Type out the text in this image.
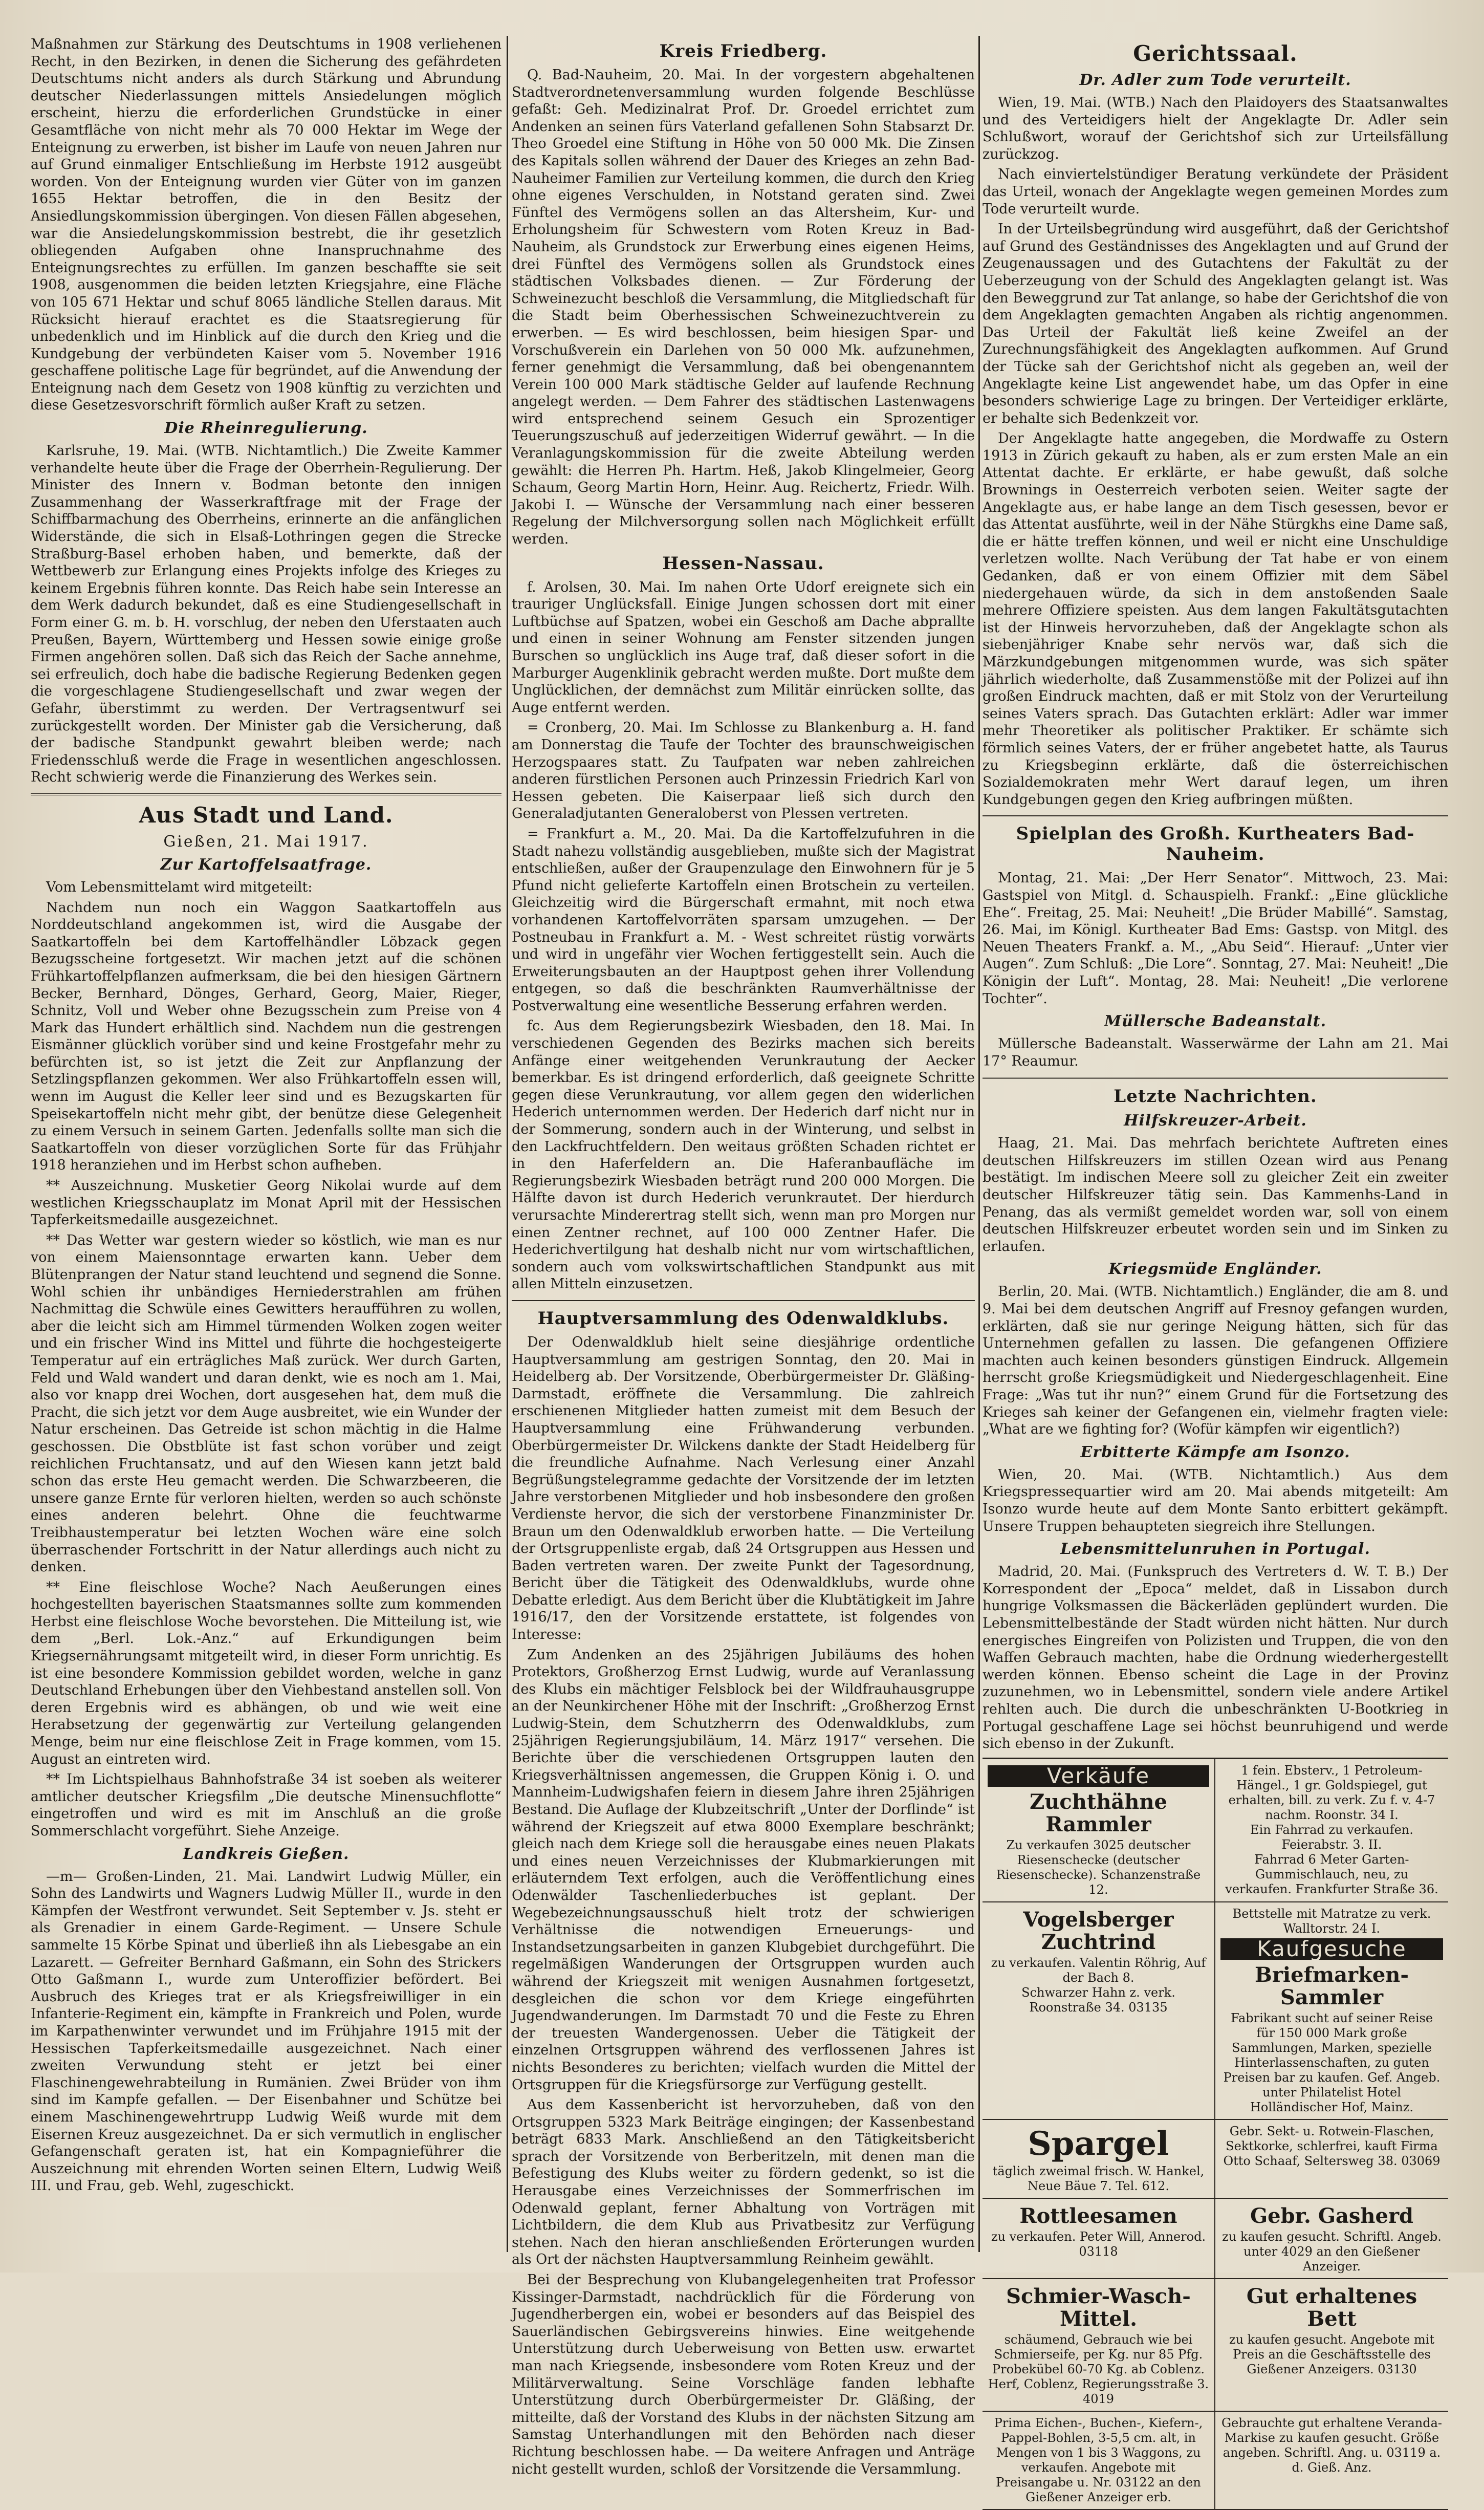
Maßnahmen zur Stärkung des Deutschtums in 1908 verliehenen Recht, in den Bezirken, in denen die Sicherung des gefährdeten Deutschtums nicht anders als durch Stärkung und Abrundung deutscher Niederlassungen mittels Ansiedelungen möglich erscheint, hierzu die erforderlichen Grundstücke in einer Gesamtfläche von nicht mehr als 70 000 Hektar im Wege der Enteignung zu erwerben, ist bisher im Laufe von neuen Jahren nur auf Grund einmaliger Entschließung im Herbste 1912 ausgeübt worden. Von der Enteignung wurden vier Güter von im ganzen 1655 Hektar betroffen, die in den Besitz der Ansiedlungskommission übergingen. Von diesen Fällen abgesehen, war die Ansiedelungskommission bestrebt, die ihr gesetzlich obliegenden Aufgaben ohne Inanspruchnahme des Enteignungsrechtes zu erfüllen. Im ganzen beschaffte sie seit 1908, ausgenommen die beiden letzten Kriegsjahre, eine Fläche von 105 671 Hektar und schuf 8065 ländliche Stellen daraus. Mit Rücksicht hierauf erachtet es die Staatsregierung für unbedenklich und im Hinblick auf die durch den Krieg und die Kundgebung der verbündeten Kaiser vom 5. November 1916 geschaffene politische Lage für begründet, auf die Anwendung der Enteignung nach dem Gesetz von 1908 künftig zu verzichten und diese Gesetzesvorschrift förmlich außer Kraft zu setzen.

Die Rheinregulierung.

Karlsruhe, 19. Mai. (WTB. Nichtamtlich.) Die Zweite Kammer verhandelte heute über die Frage der Oberrhein-Regulierung. Der Minister des Innern v. Bodman betonte den innigen Zusammenhang der Wasserkraftfrage mit der Frage der Schiffbarmachung des Oberrheins, erinnerte an die anfänglichen Widerstände, die sich in Elsaß-Lothringen gegen die Strecke Straßburg-Basel erhoben haben, und bemerkte, daß der Wettbewerb zur Erlangung eines Projekts infolge des Krieges zu keinem Ergebnis führen konnte. Das Reich habe sein Interesse an dem Werk dadurch bekundet, daß es eine Studiengesellschaft in Form einer G. m. b. H. vorschlug, der neben den Uferstaaten auch Preußen, Bayern, Württemberg und Hessen sowie einige große Firmen angehören sollen. Daß sich das Reich der Sache annehme, sei erfreulich, doch habe die badische Regierung Bedenken gegen die vorgeschlagene Studiengesellschaft und zwar wegen der Gefahr, überstimmt zu werden. Der Vertragsentwurf sei zurückgestellt worden. Der Minister gab die Versicherung, daß der badische Standpunkt gewahrt bleiben werde; nach Friedensschluß werde die Frage in wesentlichen angeschlossen. Recht schwierig werde die Finanzierung des Werkes sein.

Aus Stadt und Land.
Gießen, 21. Mai 1917.
Zur Kartoffelsaatfrage.

Vom Lebensmittelamt wird mitgeteilt:

Nachdem nun noch ein Waggon Saatkartoffeln aus Norddeutschland angekommen ist, wird die Ausgabe der Saatkartoffeln bei dem Kartoffelhändler Löbzack gegen Bezugsscheine fortgesetzt. Wir machen jetzt auf die schönen Frühkartoffelpflanzen aufmerksam, die bei den hiesigen Gärtnern Becker, Bernhard, Dönges, Gerhard, Georg, Maier, Rieger, Schnitz, Voll und Weber ohne Bezugsschein zum Preise von 4 Mark das Hundert erhältlich sind. Nachdem nun die gestrengen Eismänner glücklich vorüber sind und keine Frostgefahr mehr zu befürchten ist, so ist jetzt die Zeit zur Anpflanzung der Setzlingspflanzen gekommen. Wer also Frühkartoffeln essen will, wenn im August die Keller leer sind und es Bezugskarten für Speisekartoffeln nicht mehr gibt, der benütze diese Gelegenheit zu einem Versuch in seinem Garten. Jedenfalls sollte man sich die Saatkartoffeln von dieser vorzüglichen Sorte für das Frühjahr 1918 heranziehen und im Herbst schon aufheben.

** Auszeichnung. Musketier Georg Nikolai wurde auf dem westlichen Kriegsschauplatz im Monat April mit der Hessischen Tapferkeitsmedaille ausgezeichnet.

** Das Wetter war gestern wieder so köstlich, wie man es nur von einem Maiensonntage erwarten kann. Ueber dem Blütenprangen der Natur stand leuchtend und segnend die Sonne. Wohl schien ihr unbändiges Herniederstrahlen am frühen Nachmittag die Schwüle eines Gewitters heraufführen zu wollen, aber die leicht sich am Himmel türmenden Wolken zogen weiter und ein frischer Wind ins Mittel und führte die hochgesteigerte Temperatur auf ein erträgliches Maß zurück. Wer durch Garten, Feld und Wald wandert und daran denkt, wie es noch am 1. Mai, also vor knapp drei Wochen, dort ausgesehen hat, dem muß die Pracht, die sich jetzt vor dem Auge ausbreitet, wie ein Wunder der Natur erscheinen. Das Getreide ist schon mächtig in die Halme geschossen. Die Obstblüte ist fast schon vorüber und zeigt reichlichen Fruchtansatz, und auf den Wiesen kann jetzt bald schon das erste Heu gemacht werden. Die Schwarzbeeren, die unsere ganze Ernte für verloren hielten, werden so auch schönste eines anderen belehrt. Ohne die feuchtwarme Treibhaustemperatur bei letzten Wochen wäre eine solch überraschender Fortschritt in der Natur allerdings auch nicht zu denken.

** Eine fleischlose Woche? Nach Aeußerungen eines hochgestellten bayerischen Staatsmannes sollte zum kommenden Herbst eine fleischlose Woche bevorstehen. Die Mitteilung ist, wie dem „Berl. Lok.-Anz.“ auf Erkundigungen beim Kriegsernährungsamt mitgeteilt wird, in dieser Form unrichtig. Es ist eine besondere Kommission gebildet worden, welche in ganz Deutschland Erhebungen über den Viehbestand anstellen soll. Von deren Ergebnis wird es abhängen, ob und wie weit eine Herabsetzung der gegenwärtig zur Verteilung gelangenden Menge, beim nur eine fleischlose Zeit in Frage kommen, vom 15. August an eintreten wird.

** Im Lichtspielhaus Bahnhofstraße 34 ist soeben als weiterer amtlicher deutscher Kriegsfilm „Die deutsche Minensuchflotte“ eingetroffen und wird es mit im Anschluß an die große Sommerschlacht vorgeführt. Siehe Anzeige.

Landkreis Gießen.

—m— Großen-Linden, 21. Mai. Landwirt Ludwig Müller, ein Sohn des Landwirts und Wagners Ludwig Müller II., wurde in den Kämpfen der Westfront verwundet. Seit September v. Js. steht er als Grenadier in einem Garde-Regiment. — Unsere Schule sammelte 15 Körbe Spinat und überließ ihn als Liebesgabe an ein Lazarett. — Gefreiter Bernhard Gaßmann, ein Sohn des Strickers Otto Gaßmann I., wurde zum Unteroffizier befördert. Bei Ausbruch des Krieges trat er als Kriegsfreiwilliger in ein Infanterie-Regiment ein, kämpfte in Frankreich und Polen, wurde im Karpathenwinter verwundet und im Frühjahre 1915 mit der Hessischen Tapferkeitsmedaille ausgezeichnet. Nach einer zweiten Verwundung steht er jetzt bei einer Flaschinengewehrabteilung in Rumänien. Zwei Brüder von ihm sind im Kampfe gefallen. — Der Eisenbahner und Schütze bei einem Maschinengewehrtrupp Ludwig Weiß wurde mit dem Eisernen Kreuz ausgezeichnet. Da er sich vermutlich in englischer Gefangenschaft geraten ist, hat ein Kompagnieführer die Auszeichnung mit ehrenden Worten seinen Eltern, Ludwig Weiß III. und Frau, geb. Wehl, zugeschickt.

Kreis Friedberg.

Q. Bad-Nauheim, 20. Mai. In der vorgestern abgehaltenen Stadtverordnetenversammlung wurden folgende Beschlüsse gefaßt: Geh. Medizinalrat Prof. Dr. Groedel errichtet zum Andenken an seinen fürs Vaterland gefallenen Sohn Stabsarzt Dr. Theo Groedel eine Stiftung in Höhe von 50 000 Mk. Die Zinsen des Kapitals sollen während der Dauer des Krieges an zehn Bad-Nauheimer Familien zur Verteilung kommen, die durch den Krieg ohne eigenes Verschulden, in Notstand geraten sind. Zwei Fünftel des Vermögens sollen an das Altersheim, Kur- und Erholungsheim für Schwestern vom Roten Kreuz in Bad-Nauheim, als Grundstock zur Erwerbung eines eigenen Heims, drei Fünftel des Vermögens sollen als Grundstock eines städtischen Volksbades dienen. — Zur Förderung der Schweinezucht beschloß die Versammlung, die Mitgliedschaft für die Stadt beim Oberhessischen Schweinezuchtverein zu erwerben. — Es wird beschlossen, beim hiesigen Spar- und Vorschußverein ein Darlehen von 50 000 Mk. aufzunehmen, ferner genehmigt die Versammlung, daß bei obengenanntem Verein 100 000 Mark städtische Gelder auf laufende Rechnung angelegt werden. — Dem Fahrer des städtischen Lastenwagens wird entsprechend seinem Gesuch ein Sprozentiger Teuerungszuschuß auf jederzeitigen Widerruf gewährt. — In die Veranlagungskommission für die zweite Abteilung werden gewählt: die Herren Ph. Hartm. Heß, Jakob Klingelmeier, Georg Schaum, Georg Martin Horn, Heinr. Aug. Reichertz, Friedr. Wilh. Jakobi I. — Wünsche der Versammlung nach einer besseren Regelung der Milchversorgung sollen nach Möglichkeit erfüllt werden.

Hessen-Nassau.

f. Arolsen, 30. Mai. Im nahen Orte Udorf ereignete sich ein trauriger Unglücksfall. Einige Jungen schossen dort mit einer Luftbüchse auf Spatzen, wobei ein Geschoß am Dache abprallte und einen in seiner Wohnung am Fenster sitzenden jungen Burschen so unglücklich ins Auge traf, daß dieser sofort in die Marburger Augenklinik gebracht werden mußte. Dort mußte dem Unglücklichen, der demnächst zum Militär einrücken sollte, das Auge entfernt werden.

= Cronberg, 20. Mai. Im Schlosse zu Blankenburg a. H. fand am Donnerstag die Taufe der Tochter des braunschweigischen Herzogspaares statt. Zu Taufpaten war neben zahlreichen anderen fürstlichen Personen auch Prinzessin Friedrich Karl von Hessen gebeten. Die Kaiserpaar ließ sich durch den Generaladjutanten Generaloberst von Plessen vertreten.

= Frankfurt a. M., 20. Mai. Da die Kartoffelzufuhren in die Stadt nahezu vollständig ausgeblieben, mußte sich der Magistrat entschließen, außer der Graupenzulage den Einwohnern für je 5 Pfund nicht gelieferte Kartoffeln einen Brotschein zu verteilen. Gleichzeitig wird die Bürgerschaft ermahnt, mit noch etwa vorhandenen Kartoffelvorräten sparsam umzugehen. — Der Postneubau in Frankfurt a. M. - West schreitet rüstig vorwärts und wird in ungefähr vier Wochen fertiggestellt sein. Auch die Erweiterungsbauten an der Hauptpost gehen ihrer Vollendung entgegen, so daß die beschränkten Raumverhältnisse der Postverwaltung eine wesentliche Besserung erfahren werden.

fc. Aus dem Regierungsbezirk Wiesbaden, den 18. Mai. In verschiedenen Gegenden des Bezirks machen sich bereits Anfänge einer weitgehenden Verunkrautung der Aecker bemerkbar. Es ist dringend erforderlich, daß geeignete Schritte gegen diese Verunkrautung, vor allem gegen den widerlichen Hederich unternommen werden. Der Hederich darf nicht nur in der Sommerung, sondern auch in der Winterung, und selbst in den Lackfruchtfeldern. Den weitaus größten Schaden richtet er in den Haferfeldern an. Die Haferanbaufläche im Regierungsbezirk Wiesbaden beträgt rund 200 000 Morgen. Die Hälfte davon ist durch Hederich verunkrautet. Der hierdurch verursachte Minderertrag stellt sich, wenn man pro Morgen nur einen Zentner rechnet, auf 100 000 Zentner Hafer. Die Hederichvertilgung hat deshalb nicht nur vom wirtschaftlichen, sondern auch vom volkswirtschaftlichen Standpunkt aus mit allen Mitteln einzusetzen.

Hauptversammlung des Odenwaldklubs.

Der Odenwaldklub hielt seine diesjährige ordentliche Hauptversammlung am gestrigen Sonntag, den 20. Mai in Heidelberg ab. Der Vorsitzende, Oberbürgermeister Dr. Gläßing-Darmstadt, eröffnete die Versammlung. Die zahlreich erschienenen Mitglieder hatten zumeist mit dem Besuch der Hauptversammlung eine Frühwanderung verbunden. Oberbürgermeister Dr. Wilckens dankte der Stadt Heidelberg für die freundliche Aufnahme. Nach Verlesung einer Anzahl Begrüßungstelegramme gedachte der Vorsitzende der im letzten Jahre verstorbenen Mitglieder und hob insbesondere den großen Verdienste hervor, die sich der verstorbene Finanzminister Dr. Braun um den Odenwaldklub erworben hatte. — Die Verteilung der Ortsgruppenliste ergab, daß 24 Ortsgruppen aus Hessen und Baden vertreten waren. Der zweite Punkt der Tagesordnung, Bericht über die Tätigkeit des Odenwaldklubs, wurde ohne Debatte erledigt. Aus dem Bericht über die Klubtätigkeit im Jahre 1916/17, den der Vorsitzende erstattete, ist folgendes von Interesse:

Zum Andenken an des 25jährigen Jubiläums des hohen Protektors, Großherzog Ernst Ludwig, wurde auf Veranlassung des Klubs ein mächtiger Felsblock bei der Wildfrauhausgruppe an der Neunkirchener Höhe mit der Inschrift: „Großherzog Ernst Ludwig-Stein, dem Schutzherrn des Odenwaldklubs, zum 25jährigen Regierungsjubiläum, 14. März 1917“ versehen. Die Berichte über die verschiedenen Ortsgruppen lauten den Kriegsverhältnissen angemessen, die Gruppen König i. O. und Mannheim-Ludwigshafen feiern in diesem Jahre ihren 25jährigen Bestand. Die Auflage der Klubzeitschrift „Unter der Dorflinde“ ist während der Kriegszeit auf etwa 8000 Exemplare beschränkt; gleich nach dem Kriege soll die herausgabe eines neuen Plakats und eines neuen Verzeichnisses der Klubmarkierungen mit erläuterndem Text erfolgen, auch die Veröffentlichung eines Odenwälder Taschenliederbuches ist geplant. Der Wegebezeichnungsausschuß hielt trotz der schwierigen Verhältnisse die notwendigen Erneuerungs- und Instandsetzungsarbeiten in ganzen Klubgebiet durchgeführt. Die regelmäßigen Wanderungen der Ortsgruppen wurden auch während der Kriegszeit mit wenigen Ausnahmen fortgesetzt, desgleichen die schon vor dem Kriege eingeführten Jugendwanderungen. Im Darmstadt 70 und die Feste zu Ehren der treuesten Wandergenossen. Ueber die Tätigkeit der einzelnen Ortsgruppen während des verflossenen Jahres ist nichts Besonderes zu berichten; vielfach wurden die Mittel der Ortsgruppen für die Kriegsfürsorge zur Verfügung gestellt.

Aus dem Kassenbericht ist hervorzuheben, daß von den Ortsgruppen 5323 Mark Beiträge eingingen; der Kassenbestand beträgt 6833 Mark. Anschließend an den Tätigkeitsbericht sprach der Vorsitzende von Berberitzeln, mit denen man die Befestigung des Klubs weiter zu fördern gedenkt, so ist die Herausgabe eines Verzeichnisses der Sommerfrischen im Odenwald geplant, ferner Abhaltung von Vorträgen mit Lichtbildern, die dem Klub aus Privatbesitz zur Verfügung stehen. Nach den hieran anschließenden Erörterungen wurden als Ort der nächsten Hauptversammlung Reinheim gewählt.

Bei der Besprechung von Klubangelegenheiten trat Professor Kissinger-Darmstadt, nachdrücklich für die Förderung von Jugendherbergen ein, wobei er besonders auf das Beispiel des Sauerländischen Gebirgsvereins hinwies. Eine weitgehende Unterstützung durch Ueberweisung von Betten usw. erwartet man nach Kriegsende, insbesondere vom Roten Kreuz und der Militärverwaltung. Seine Vorschläge fanden lebhafte Unterstützung durch Oberbürgermeister Dr. Gläßing, der mitteilte, daß der Vorstand des Klubs in der nächsten Sitzung am Samstag Unterhandlungen mit den Behörden nach dieser Richtung beschlossen habe. — Da weitere Anfragen und Anträge nicht gestellt wurden, schloß der Vorsitzende die Versammlung.

Gerichtssaal.
Dr. Adler zum Tode verurteilt.

Wien, 19. Mai. (WTB.) Nach den Plaidoyers des Staatsanwaltes und des Verteidigers hielt der Angeklagte Dr. Adler sein Schlußwort, worauf der Gerichtshof sich zur Urteilsfällung zurückzog.

Nach einviertelstündiger Beratung verkündete der Präsident das Urteil, wonach der Angeklagte wegen gemeinen Mordes zum Tode verurteilt wurde.

In der Urteilsbegründung wird ausgeführt, daß der Gerichtshof auf Grund des Geständnisses des Angeklagten und auf Grund der Zeugenaussagen und des Gutachtens der Fakultät zu der Ueberzeugung von der Schuld des Angeklagten gelangt ist. Was den Beweggrund zur Tat anlange, so habe der Gerichtshof die von dem Angeklagten gemachten Angaben als richtig angenommen. Das Urteil der Fakultät ließ keine Zweifel an der Zurechnungsfähigkeit des Angeklagten aufkommen. Auf Grund der Tücke sah der Gerichtshof nicht als gegeben an, weil der Angeklagte keine List angewendet habe, um das Opfer in eine besonders schwierige Lage zu bringen. Der Verteidiger erklärte, er behalte sich Bedenkzeit vor.

Der Angeklagte hatte angegeben, die Mordwaffe zu Ostern 1913 in Zürich gekauft zu haben, als er zum ersten Male an ein Attentat dachte. Er erklärte, er habe gewußt, daß solche Brownings in Oesterreich verboten seien. Weiter sagte der Angeklagte aus, er habe lange an dem Tisch gesessen, bevor er das Attentat ausführte, weil in der Nähe Stürgkhs eine Dame saß, die er hätte treffen können, und weil er nicht eine Unschuldige verletzen wollte. Nach Verübung der Tat habe er von einem Gedanken, daß er von einem Offizier mit dem Säbel niedergehauen würde, da sich in dem anstoßenden Saale mehrere Offiziere speisten. Aus dem langen Fakultätsgutachten ist der Hinweis hervorzuheben, daß der Angeklagte schon als siebenjähriger Knabe sehr nervös war, daß sich die Märzkundgebungen mitgenommen wurde, was sich später jährlich wiederholte, daß Zusammenstöße mit der Polizei auf ihn großen Eindruck machten, daß er mit Stolz von der Verurteilung seines Vaters sprach. Das Gutachten erklärt: Adler war immer mehr Theoretiker als politischer Praktiker. Er schämte sich förmlich seines Vaters, der er früher angebetet hatte, als Taurus zu Kriegsbeginn erklärte, daß die österreichischen Sozialdemokraten mehr Wert darauf legen, um ihren Kundgebungen gegen den Krieg aufbringen müßten.

Spielplan des Großh. Kurtheaters Bad-Nauheim.

Montag, 21. Mai: „Der Herr Senator“. Mittwoch, 23. Mai: Gastspiel von Mitgl. d. Schauspielh. Frankf.: „Eine glückliche Ehe“. Freitag, 25. Mai: Neuheit! „Die Brüder Mabillé“. Samstag, 26. Mai, im Königl. Kurtheater Bad Ems: Gastsp. von Mitgl. des Neuen Theaters Frankf. a. M., „Abu Seid“. Hierauf: „Unter vier Augen“. Zum Schluß: „Die Lore“. Sonntag, 27. Mai: Neuheit! „Die Königin der Luft“. Montag, 28. Mai: Neuheit! „Die verlorene Tochter“.

Müllersche Badeanstalt.

Müllersche Badeanstalt. Wasserwärme der Lahn am 21. Mai 17° Reaumur.

Letzte Nachrichten.
Hilfskreuzer-Arbeit.

Haag, 21. Mai. Das mehrfach berichtete Auftreten eines deutschen Hilfskreuzers im stillen Ozean wird aus Penang bestätigt. Im indischen Meere soll zu gleicher Zeit ein zweiter deutscher Hilfskreuzer tätig sein. Das Kammenhs-Land in Penang, das als vermißt gemeldet worden war, soll von einem deutschen Hilfskreuzer erbeutet worden sein und im Sinken zu erlaufen.

Kriegsmüde Engländer.

Berlin, 20. Mai. (WTB. Nichtamtlich.) Engländer, die am 8. und 9. Mai bei dem deutschen Angriff auf Fresnoy gefangen wurden, erklärten, daß sie nur geringe Neigung hätten, sich für das Unternehmen gefallen zu lassen. Die gefangenen Offiziere machten auch keinen besonders günstigen Eindruck. Allgemein herrscht große Kriegsmüdigkeit und Niedergeschlagenheit. Eine Frage: „Was tut ihr nun?“ einem Grund für die Fortsetzung des Krieges sah keiner der Gefangenen ein, vielmehr fragten viele: „What are we fighting for? (Wofür kämpfen wir eigentlich?)

Erbitterte Kämpfe am Isonzo.

Wien, 20. Mai. (WTB. Nichtamtlich.) Aus dem Kriegspressequartier wird am 20. Mai abends mitgeteilt: Am Isonzo wurde heute auf dem Monte Santo erbittert gekämpft. Unsere Truppen behaupteten siegreich ihre Stellungen.

Lebensmittelunruhen in Portugal.

Madrid, 20. Mai. (Funkspruch des Vertreters d. W. T. B.) Der Korrespondent der „Epoca“ meldet, daß in Lissabon durch hungrige Volksmassen die Bäckerläden geplündert wurden. Die Lebensmittelbestände der Stadt würden nicht hätten. Nur durch energisches Eingreifen von Polizisten und Truppen, die von den Waffen Gebrauch machten, habe die Ordnung wiederhergestellt werden können. Ebenso scheint die Lage in der Provinz zuzunehmen, wo in Lebensmittel, sondern viele andere Artikel rehlten auch. Die durch die unbeschränkten U-Bootkrieg in Portugal geschaffene Lage sei höchst beunruhigend und werde sich ebenso in der Zukunft.

Verkäufe
Zuchthähne Rammler
Zu verkaufen 3025 deutscher Riesenschecke (deutscher Riesenschecke). Schanzenstraße 12.
1 fein. Ebsterv., 1 Petroleum-Hängel., 1 gr. Goldspiegel, gut erhalten, bill. zu verk. Zu f. v. 4-7 nachm. Roonstr. 34 I.
Ein Fahrrad zu verkaufen. Feierabstr. 3. II.
Fahrrad 6 Meter Garten-Gummischlauch, neu, zu verkaufen. Frankfurter Straße 36.
Vogelsberger Zuchtrind
zu verkaufen. Valentin Röhrig, Auf der Bach 8.
Schwarzer Hahn z. verk. Roonstraße 34. 03135
Bettstelle mit Matratze zu verk. Walltorstr. 24 I.
Kaufgesuche
Briefmarken-Sammler
Fabrikant sucht auf seiner Reise für 150 000 Mark große Sammlungen, Marken, spezielle Hinterlassenschaften, zu guten Preisen bar zu kaufen. Gef. Angeb. unter Philatelist Hotel Holländischer Hof, Mainz.
Spargel
täglich zweimal frisch. W. Hankel, Neue Bäue 7. Tel. 612.
Gebr. Sekt- u. Rotwein-Flaschen, Sektkorke, schlerfrei, kauft Firma Otto Schaaf, Seltersweg 38. 03069
Rottleesamen
zu verkaufen. Peter Will, Annerod. 03118
Gebr. Gasherd
zu kaufen gesucht. Schriftl. Angeb. unter 4029 an den Gießener Anzeiger.
Schmier-Wasch-Mittel.
schäumend, Gebrauch wie bei Schmierseife, per Kg. nur 85 Pfg. Probekübel 60-70 Kg. ab Coblenz. Herf, Coblenz, Regierungsstraße 3. 4019
Gut erhaltenes Bett
zu kaufen gesucht. Angebote mit Preis an die Geschäftsstelle des Gießener Anzeigers. 03130
Prima Eichen-, Buchen-, Kiefern-, Pappel-Bohlen, 3-5,5 cm. alt, in Mengen von 1 bis 3 Waggons, zu verkaufen. Angebote mit Preisangabe u. Nr. 03122 an den Gießener Anzeiger erb.
Gebrauchte gut erhaltene Veranda-Markise zu kaufen gesucht. Größe angeben. Schriftl. Ang. u. 03119 a. d. Gieß. Anz.
